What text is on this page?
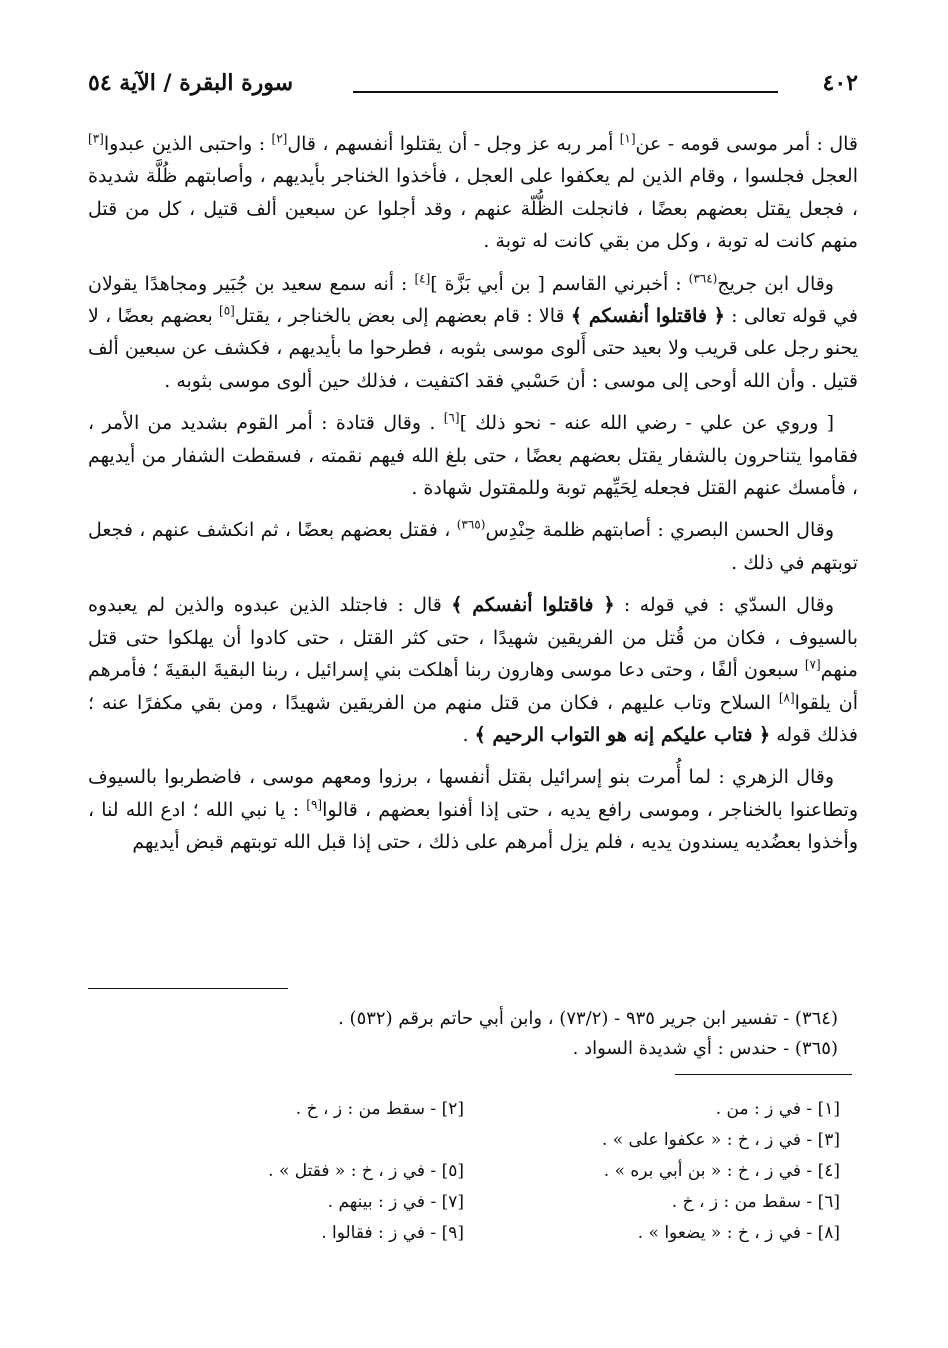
٤٠٢
سورة البقرة / الآية ٥٤

قال : أمر موسى قومه - عن[١] أمر ربه عز وجل - أن يقتلوا أنفسهم ، قال[٢] : واحتبى الذين عبدوا[٣] العجل فجلسوا ، وقام الذين لم يعكفوا على العجل ، فأخذوا الخناجر بأيديهم ، وأصابتهم ظُلَّة شديدة ، فجعل يقتل بعضهم بعضًا ، فانجلت الظُّلّة عنهم ، وقد أجلوا عن سبعين ألف قتيل ، كل من قتل منهم كانت له توبة ، وكل من بقي كانت له توبة .

وقال ابن جريج$^{(٣٦٤)}$ : أخبرني القاسم [ بن أبي بَزَّة ][٤] : أنه سمع سعيد بن جُبَير ومجاهدًا يقولان في قوله تعالى : ﴿ فاقتلوا أنفسكم ﴾ قالا : قام بعضهم إلى بعض بالخناجر ، يقتل[٥] بعضهم بعضًا ، لا يحنو رجل على قريب ولا بعيد حتى أَلوى موسى بثوبه ، فطرحوا ما بأيديهم ، فكشف عن سبعين ألف قتيل . وأن الله أوحى إلى موسى : أن حَسْبي فقد اكتفيت ، فذلك حين ألوى موسى بثوبه .

[ وروي عن علي - رضي الله عنه - نحو ذلك ][٦] . وقال قتادة : أمر القوم بشديد من الأمر ، فقاموا يتناحرون بالشفار يقتل بعضهم بعضًا ، حتى بلغ الله فيهم نقمته ، فسقطت الشفار من أيديهم ، فأمسك عنهم القتل فجعله لِحَيِّهم توبة وللمقتول شهادة .

وقال الحسن البصري : أصابتهم ظلمة حِنْدِس$^{(٣٦٥)}$ ، فقتل بعضهم بعضًا ، ثم انكشف عنهم ، فجعل توبتهم في ذلك .

وقال السدّي : في قوله : ﴿ فاقتلوا أنفسكم ﴾ قال : فاجتلد الذين عبدوه والذين لم يعبدوه بالسيوف ، فكان من قُتل من الفريقين شهيدًا ، حتى كثر القتل ، حتى كادوا أن يهلكوا حتى قتل منهم[٧] سبعون ألفًا ، وحتى دعا موسى وهارون ربنا أهلكت بني إسرائيل ، ربنا البقيةَ البقيةَ ؛ فأمرهم أن يلقوا[٨] السلاح وتاب عليهم ، فكان من قتل منهم من الفريقين شهيدًا ، ومن بقي مكفرًا عنه ؛ فذلك قوله ﴿ فتاب عليكم إنه هو التواب الرحيم ﴾ .

وقال الزهري : لما أُمرت بنو إسرائيل بقتل أنفسها ، برزوا ومعهم موسى ، فاضطربوا بالسيوف وتطاعنوا بالخناجر ، وموسى رافع يديه ، حتى إذا أفنوا بعضهم ، قالوا[٩] : يا نبي الله ؛ ادع الله لنا ، وأخذوا بعضُديه يسندون يديه ، فلم يزل أمرهم على ذلك ، حتى إذا قبل الله توبتهم قبض أيديهم

(٣٦٤) - تفسير ابن جرير ٩٣٥ - (٧٣/٢) ، وابن أبي حاتم برقم (٥٣٢) .
(٣٦٥) - حندس : أي شديدة السواد .
[١] - في ز : من .
[٢] - سقط من : ز ، خ .
[٣] - في ز ، خ : « عكفوا على » .
[٤] - في ز ، خ : « بن أبي بره » .
[٥] - في ز ، خ : « فقتل » .
[٦] - سقط من : ز ، خ .
[٧] - في ز : بينهم .
[٨] - في ز ، خ : « يضعوا » .
[٩] - في ز : فقالوا .
